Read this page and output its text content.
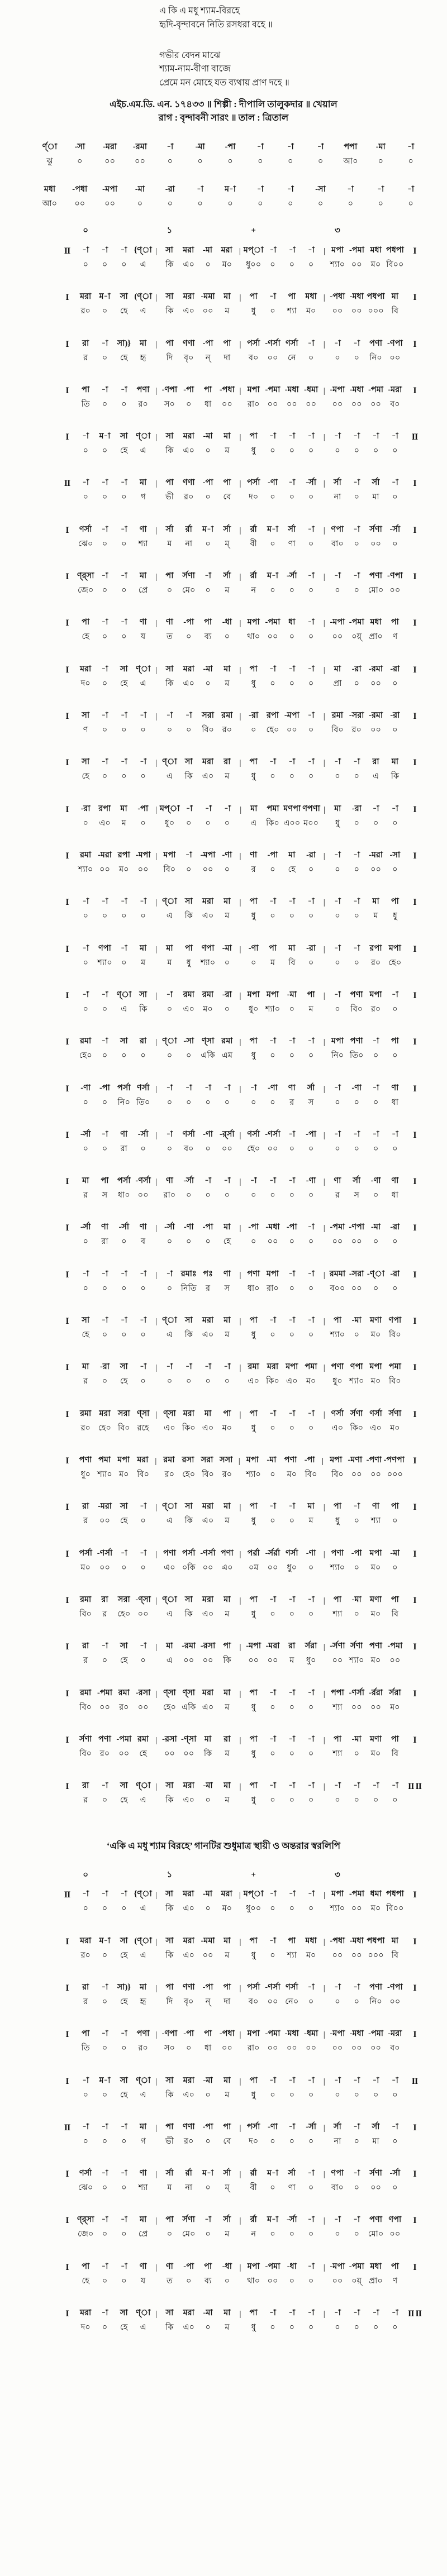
এ কি এ মধু শ্যাম-বিরহে
হৃদি-বৃন্দাবনে নিতি রসধরা বহে ॥
গভীর বেদন মাঝে
শ্যাম-নাম-বীণা বাজে
প্রেমে মন মোহে যত ব্যথায় প্রাণ দহে ॥
এইচ.এম.ডি. এন. ১৭৪৩৩ ॥ শিল্পী : দীপালি তালুকদার ॥ খেয়াল
রাগ : বৃন্দাবনী সারং ॥ তাল : ত্রিতাল
র্ণ্া	-সা	-মরা	-রমা	-া	-মা	-পা	-া	-া	-া	পপা	-মা	-া
ঝু	০	০০	০০	০	০	০	০	০	০	আ০	০	০
মধা	-পধা	-মপা	-মা	-রা	-া	ম-া	-া	-া	-সা	-া	-া	-া
আ০	০০	০০	০	০	০	০	০	০	০	০	০	০
০	১	+	৩
II	-া	-া	-া {ণ্া |	সা	মরা	-মা	মরা | মপ্া -া	-া	-া	| মপা -পমা মধা পধপা	I
০	০	০	এ	কি	এ০	০	ম০	ধু০০	০	০	০	শ্যা০ ০০	ম০ বি০০
I	মরা ম-া	সা (ণ্া |	সা	মরা -মমা	মা	|	পা	-া	পা	মধা | -পধা -মধা পধপা মা	I
র০	০	হে	এ	কি	এ০	০০	ম	ধু	০	শ্যা	ম০	০০	০০ ০০০ বি
I	রা	-া	সা)}	মা	|	পা	ণণা -পা	পা	| পর্সা -ণর্সা ণর্সা	-া	|	-া	-া	পণা -ণপা	I
র	০	হে	হৃ	দি	বৃ০	ন্	দা	ব০	০০	নে	০	০	০	নি০ ০০
I	পা	-া	-া	পণা | -ণপা -পা	পা -পধা | মপা -পমা -মধা -ধমা | -মপা -মধা -পমা -মরা	I
তি	০	০	র০	স০	০	ধা	০০	রা০ ০০	০০	০০	০০	০০	০০	ব০
I	-া	ম-া	সা ণ্া |	সা	মরা	-মা	মা	|	পা	-া	-া	-া	|	-া	-া	-া	-া	II
০	০	হে	এ	কি	এ০	০	ম	ধু	০	০	০	০	০	০	০
II	-া	-া	-া	মা	|	পা	ণণা -পা	পা	| পর্সা -ণা	-া	-র্সা |	র্সা	-া	র্সা	-া	I
০	০	০	গ	ভী	র০	০	বে	দ০	০	০	০	না	০	মা	০
I	ণর্সা	-া	-া	ণা	|	র্সা	র্রা	ম-া	র্সা	|	র্রা	ম-া	র্সা	-া	| ণপা	-া	র্সণা -র্সা	I
ঝে০	০	০	শ্যা	ম	না	০	ম্	বী	০	ণা	০	বা০	০	০০	০
I	ণ্র্সা -া	-া	মা	|	পা	র্সণা	-া	র্সা	|	র্রা	ম-া	-র্সা	-া	|	-া	-া	পণা -ণপা	I
জে০	০	০	প্রে	০	মে০	০	ম	ন	০	০	০	০	০	মো০ ০০
I	পা	-া	-া	ণা	|	ণা	-পা	পা	-ধা | মপা -পমা	ধা	-া	| -মপা -পমা মধা	পা	I
হে	০	০	য	ত	০	ব্য	০	থা০ ০০	০	০	০০	০য়্ প্রা০	ণ
I	মরা	-া	সা ণ্া |	সা	মরা	-মা	মা	|	পা	-া	-া	-া	|	মা	-রা -রমা -রা	I
দ০	০	হে	এ	কি	এ০	০	ম	ধু	০	০	০	প্রা	০	০০	০
I	সা	-া	-া	-া	|	-া	-া	সরা রমা | -রা	রপা -মপা	-া	| রমা -সরা -রমা -রা	I
ণ	০	০	০	০	০	বি০	র০	০	হে০ ০০	০	বি০	র০	০০	০
I	সা	-া	-া	-া	| ণ্া সা	মরা	রা	|	পা	-া	-া	-া	|	-া	-া	রা	মা	I
হে	০	০	০	এ	কি	এ০	ম	ধু	০	০	০	০	০	এ	কি
I	-রা	রপা	মা	-পা | মপ্া -া	-া	-া	|	মা	পমা মণপা ণপণা |	মা	-রা	-া	-া	I
০	এ০	ম	০	ধু০	০	০	০	এ	কি০ এ০০ ম০০	ধু	০	০	০
I	রমা -মরা রপা -মপা | মপা	-া	-মপা -ণা |	ণা	-পা	মা	-রা |	-া	-া	-মরা -সা	I
শ্যা০ ০০	ম০	০০	বি০	০	০০	০	র	০	হে	০	০	০	০০	০
I	-া	-া	-া	-া	| ণ্া সা	মরা	মা	|	পা	-া	-া	-া	|	-া	-া	মা	পা	I
০	০	০	০	এ	কি	এ০	ম	ধু	০	০	০	০	০	ম	ধু
I	-া	ণপা	-া	মা	|	মা	পা	ণপা -মা | -ণা	পা	মা	-রা |	-া	-া	রপা মপা	I
০	শ্যা০	০	ম	ম	ধু	শ্যা০	০	০	ম	বি	০	০	০	র০ হে০
I	-া	-া	ণ্া সা	|	-া	রমা রমা	-রা | মপা মপা	-মা	পা	|	-া	পণা মপা	-া	I
০	০	এ	কি	০	এ০	ম০	০	ধু০ শ্যা০	০	ম	০	বি০	র০	০
I	রমা	-া	সা	রা	| ণ্া -সা ণ্সা রমা |	পা	-া	-া	-া	| মপা পণা	-া	পা	I
হে০	০	০	০	০	০	একি এম	ধু	০	০	০	নি০ তি০	০	০
I	-ণা	-পা পর্সা ণর্সা |	-া	-া	-া	-া	|	-া	-ণা	ণা	র্সা	|	-া	-ণা	-া	ণা	I
০	০	নি০ তি০	০	০	০	০	০	০	র	স	০	০	০	ধা
I	-র্সা	-া	ণা	-র্সা |	-া	ণর্সা -ণা -র্র্সা | ণর্সা -ণর্সা	-া	-পা |	-া	-া	-া	-া	I
০	০	রা	০	০	ব০	০	০০	হে০ ০০	০	০	০	০	০	০
I	মা	পা	পর্সা -ণর্সা |	ণা	-র্সা	-া	-া	|	-া	-া	-া	-ণা |	ণা	র্সা	-ণা	ণা	I
র	স	ধা০ ০০	রা০	০	০	০	০	০	০	০	র	স	০	ধা
I	-র্সা	ণা	-র্সা	ণা	| -র্সা	-ণা	-পা	মা	| -পা -মধা -পা	-া	| -পমা -ণপা -মা	-রা	I
০	রা	০	ব	০	০	০	হে	০	০০	০	০	০০	০০	০	০
I	-া	-া	-া	-া	|	-া রমাঃ পঃ	ণা	| পণা মপা	-া	-া	| রমমা -সরা -ণ্া -রা	I
০	০	০	০	০	নিতি	র	স	ধা০ রা০	০	০	ব০০ ০০	০	০
I	সা	-া	-া	-া	| ণ্া সা	মরা	মা	|	পা	-া	-া	-া	|	পা	-মা	মণা ণপা	I
হে	০	০	০	এ	কি	এ০	ম	ধু	০	০	০	শ্যা০	০	ম০	বি০
I	মা	-রা	সা	-া	|	-া	-া	-া	-া	| রমা মরা মপা পমা | পণা ণপা মপা পমা	I
র	০	হে	০	০	০	০	০	এ০ কি০ এ০	ম০	ধু০ শ্যা০ ম০	বি০
I	রমা মরা সরা ণ্সা | ণ্সা মরা	মা	পা	|	পা	-া	-া	-া	| ণর্সা র্সণা ণর্সা র্সণা	I
র০ হে০ বি০ রহে	এ০ কি০ এ০	ম০	ধু	০	০	০	এ০ কি০ এ০	ম০
I	পণা পমা মপা মরা | রমা রসা সরা সসা | মপা	-মা পণা -পা | মপা -মণা -পণা -পণপা I
ধু০ শ্যা০ ম০	বি০	র০ হে০ বি০	র০	শ্যা০	০	ম০	বি০	বি০ ০০	০০ ০০০
I	রা	-মরা	সা	-া	| ণ্া সা	মরা	মা	|	পা	-া	-া	মা	|	পা	-া	ণা	পা	I
র	০০	হে	০	এ	কি	এ০	ম	ধু	০	০	ম	ধু	০	শ্যা	০
I	পর্সা -ণর্সা	-া	-া	| পণা পর্সা -ণর্সা পণা | পর্রা -র্সর্রা ণর্সা -ণা | পণা -পা মপা	-মা	I
ম০	০০	০	০	এ০ ০কি ০০	এ০	০ম	০০	ধু০	০	শ্যা০	০	ম০	০
I	রমা	রা	সরা -ণ্সা | ণ্া সা	মরা	মা	|	পা	-া	-া	-া	|	পা	-মা	মণা	পা	I
বি০	র	হে০ ০০	এ	কি	এ০	ম	ধু	০	০	০	শ্যা	০	ম০	বি
I	রা	-া	সা	-া	|	মা	-রমা -রসা পা	| -মপা -মরা	রা	র্সরা | -র্সণা র্সণা পণা -পমা	I
র	০	হে	০	এ	০০	০০	কি	০০	০০	ম	ধু০	০০ শ্যা০ ম০	০০
I	রমা -পমা রমা -রসা | ণ্সা ণ্সা মরা	মা	|	পা	-া	-া	-া	| পপা -ণর্সা -র্ররা র্সরা	I
বি০ ০০	র০	০০	হে০ একি এ০	ম	ধু	০	০	০	শ্যা	০০	০০	ম০
I	র্সণা পণা -পমা রমা | -রসা -ণ্সা মা	রা	|	পা	-া	-া	-া	|	পা	-মা	মণা	পা	I
বি০	র০	০০	হে	০০	০০	কি	ম	ধু	০	০	০	শ্যা	০	ম০	বি
I	রা	-া	সা ণ্া |	সা	মরা	-মা	মা	|	পা	-া	-া	-া	|	-া	-া	-া	-া	II II
র	০	হে	এ	কি	এ০	০	ম	ধু	০	০	০	০	০	০	০
‘একি এ মধু শ্যাম বিরহে’ গানটির শুধুমাত্র স্থায়ী ও অন্তরার স্বরলিপি
০	১	+	৩
II	-া	-া	-া {ণ্া |	সা	মরা	-মা	মরা | মপ্া -া	-া	-া	| মপা -পমা ধমা পধপা	I
০	০	০	এ	কি	এ০	০	ম০	ধু০০	০	০	০	শ্যা০ ০০	ম০ বি০০
I	মরা ম-া	সা (ণ্া |	সা	মরা -মমা	মা	|	পা	-া	পা	মধা | -পধা -মধা পধপা মা	I
র০	০	হে	এ	কি	এ০	০০	ম	ধু	০	শ্যা	ম০	০০	০০ ০০০ বি
I	রা	-া	সা)}	মা	|	পা	ণণা -পা	পা	| পর্সা -ণর্সা ণর্সা	-া	|	-া	-া	পণা -ণপা	I
র	০	হে	হৃ	দি	বৃ০	ন্	দা	ব০	০০ নে০	০	০	০	নি০ ০০
I	পা	-া	-া	পণা | -ণপা -পা	পা -পধা | মপা -পমা -মধা -ধমা | -মপা -মধা -পমা -মরা	I
তি	০	০	র০	স০	০	ধা	০০	রা০ ০০	০০	০০	০০	০০	০০	ব০
I	-া	ম-া	সা ণ্া |	সা	মরা	-মা	মা	|	পা	-া	-া	-া	|	-া	-া	-া	-া	II
০	০	হে	এ	কি	এ০	০	ম	ধু	০	০	০	০	০	০	০
II	-া	-া	-া	মা	|	পা	ণণা -পা	পা	| পর্সা -ণা	-া	-র্সা |	র্সা	-া	র্সা	-া	I
০	০	০	গ	ভী	র০	০	বে	দ০	০	০	০	না	০	মা	০
I	ণর্সা	-া	-া	ণা	|	র্সা	র্রা	ম-া	র্সা	|	র্রা	ম-া	র্সা	-া	| ণপা	-া	র্সণা -র্সা	I
ঝে০	০	০	শ্যা	ম	না	০	ম্	বী	০	ণা	০	বা০	০	০০	০
I	ণ্র্সা -া	-া	মা	|	পা	র্সণা	-া	র্সা	|	র্রা	ম-া	-র্সা	-া	|	-া	-া	পণা ণপা	I
জে০	০	০	প্রে	০	মে০	০	ম	ন	০	০	০	০	০	মো০ ০০
I	পা	-া	-া	ণা	|	ণা	-পা	পা	-ধা | মপা -পমা -ধা	-া	| -মপা -পমা মধা	পা	I
হে	০	০	য	ত	০	ব্য	০	থা০ ০০	০	০	০০	০য়্ প্রা০	ণ
I	মরা	-া	সা ণ্া |	সা	মরা	-মা	মা	|	পা	-া	-া	-া	|	-া	-া	-া	-া	II II
দ০	০	হে	এ	কি	এ০	০	ম	ধু	০	০	০	০	০	০	০
